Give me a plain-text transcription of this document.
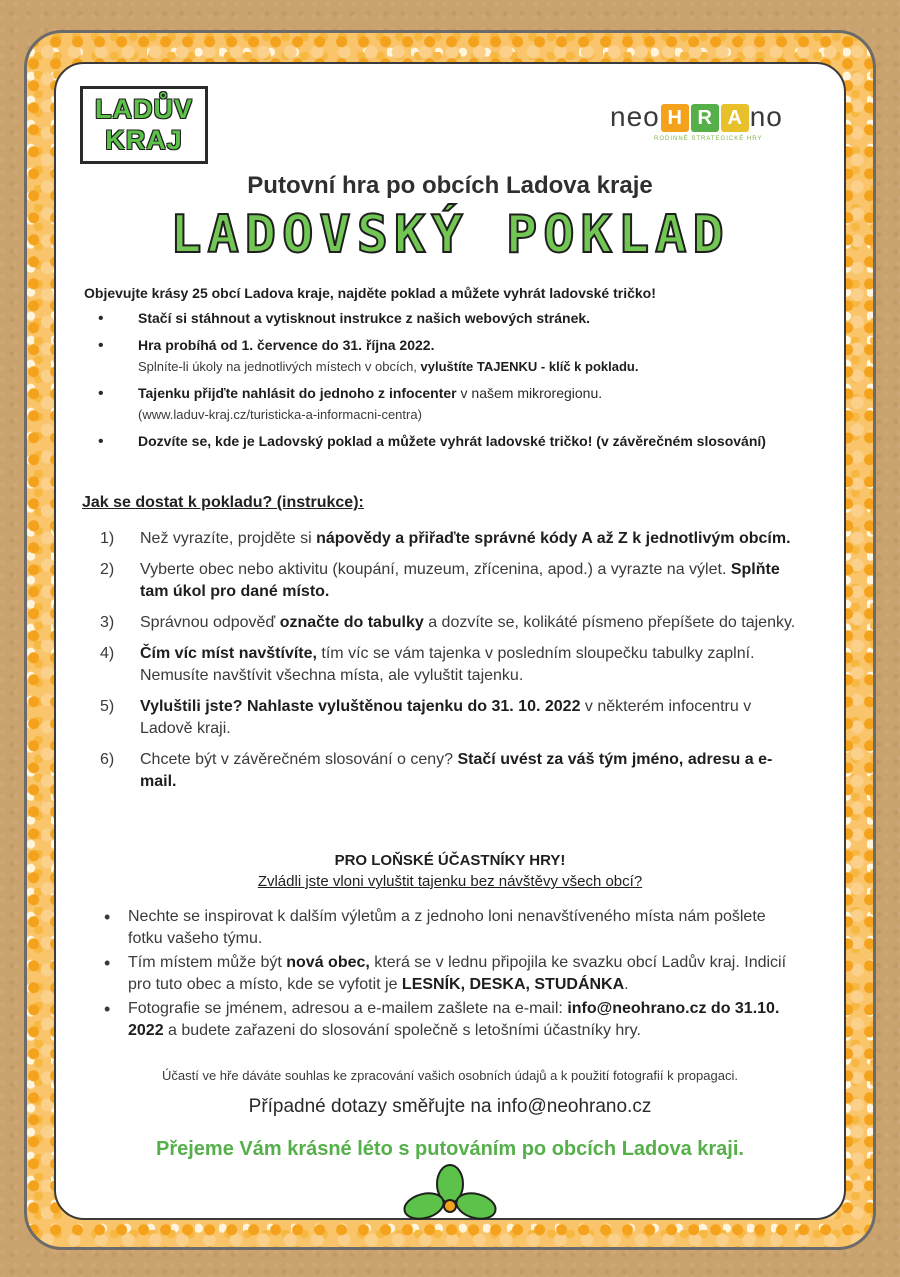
LADŮV
KRAJ
neo H R A no
RODINNÉ STRATEGICKÉ HRY
Putovní hra po obcích Ladova kraje
LADOVSKÝ POKLAD
Objevujte krásy 25 obcí Ladova kraje, najděte poklad a můžete vyhrát ladovské tričko!
• Stačí si stáhnout a vytisknout instrukce z našich webových stránek.
• Hra probíhá od 1. července do 31. října 2022.
Splníte-li úkoly na jednotlivých místech v obcích, vyluštíte TAJENKU - klíč k pokladu.
• Tajenku přijďte nahlásit do jednoho z infocenter v našem mikroregionu.
(www.laduv-kraj.cz/turisticka-a-informacni-centra)
• Dozvíte se, kde je Ladovský poklad a můžete vyhrát ladovské tričko! (v závěrečném slosování)
Jak se dostat k pokladu? (instrukce):
1) Než vyrazíte, projděte si nápovědy a přiřaďte správné kódy A až Z k jednotlivým obcím.
2) Vyberte obec nebo aktivitu (koupání, muzeum, zřícenina, apod.) a vyrazte na výlet. Splňte tam úkol pro dané místo.
3) Správnou odpověď označte do tabulky a dozvíte se, kolikáté písmeno přepíšete do tajenky.
4) Čím víc míst navštívíte, tím víc se vám tajenka v posledním sloupečku tabulky zaplní. Nemusíte navštívit všechna místa, ale vyluštit tajenku.
5) Vyluštili jste? Nahlaste vyluštěnou tajenku do 31. 10. 2022 v některém infocentru v Ladově kraji.
6) Chcete být v závěrečném slosování o ceny? Stačí uvést za váš tým jméno, adresu a e-mail.
PRO LOŇSKÉ ÚČASTNÍKY HRY!
Zvládli jste vloni vyluštit tajenku bez návštěvy všech obcí?
• Nechte se inspirovat k dalším výletům a z jednoho loni nenavštíveného místa nám pošlete fotku vašeho týmu.
• Tím místem může být nová obec, která se v lednu připojila ke svazku obcí Ladův kraj. Indicií pro tuto obec a místo, kde se vyfotit je LESNÍK, DESKA, STUDÁNKA.
• Fotografie se jménem, adresou a e-mailem zašlete na e-mail: info@neohrano.cz do 31.10. 2022 a budete zařazeni do slosování společně s letošními účastníky hry.
Účastí ve hře dáváte souhlas ke zpracování vašich osobních údajů a k použití fotografií k propagaci.
Případné dotazy směřujte na info@neohrano.cz
Přejeme Vám krásné léto s putováním po obcích Ladova kraji.
